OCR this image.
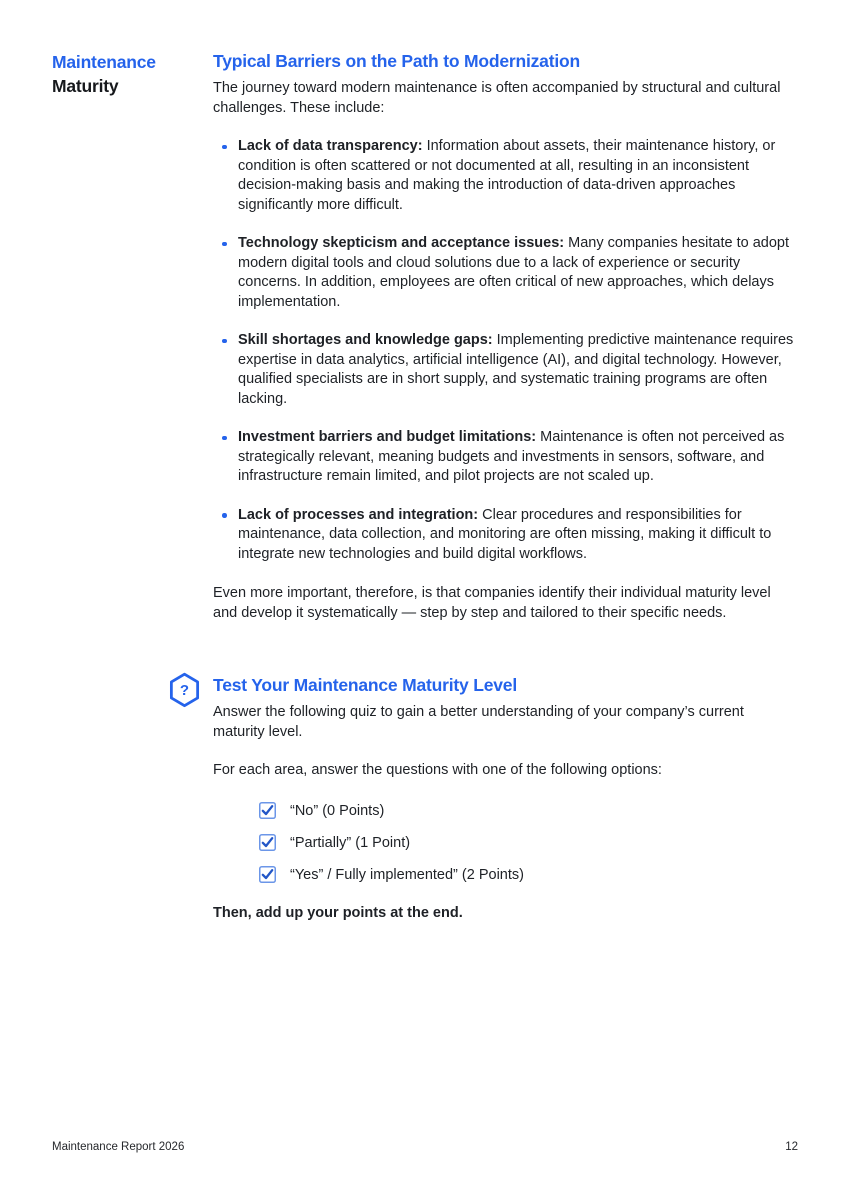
Maintenance
Maturity
Typical Barriers on the Path to Modernization

The journey toward modern maintenance is often accompanied by structural and cultural challenges. These include:

Lack of data transparency: Information about assets, their maintenance history, or condition is often scattered or not documented at all, resulting in an inconsistent decision-making basis and making the introduction of data-driven approaches significantly more difficult.
Technology skepticism and acceptance issues: Many companies hesitate to adopt modern digital tools and cloud solutions due to a lack of experience or security concerns. In addition, employees are often critical of new approaches, which delays implementation.
Skill shortages and knowledge gaps: Implementing predictive maintenance requires expertise in data analytics, artificial intelligence (AI), and digital technology. However, qualified specialists are in short supply, and systematic training programs are often lacking.
Investment barriers and budget limitations: Maintenance is often not perceived as strategically relevant, meaning budgets and investments in sensors, software, and infrastructure remain limited, and pilot projects are not scaled up.
Lack of processes and integration: Clear procedures and responsibilities for maintenance, data collection, and monitoring are often missing, making it difficult to integrate new technologies and build digital workflows.

Even more important, therefore, is that companies identify their individual maturity level and develop it systematically — step by step and tailored to their specific needs.

?	Test Your Maintenance Maturity Level

Answer the following quiz to gain a better understanding of your company’s current maturity level.

For each area, answer the questions with one of the following options:

“No” (0 Points)
“Partially” (1 Point)
“Yes” / Fully implemented” (2 Points)

Then, add up your points at the end.

Maintenance Report 2026	12
